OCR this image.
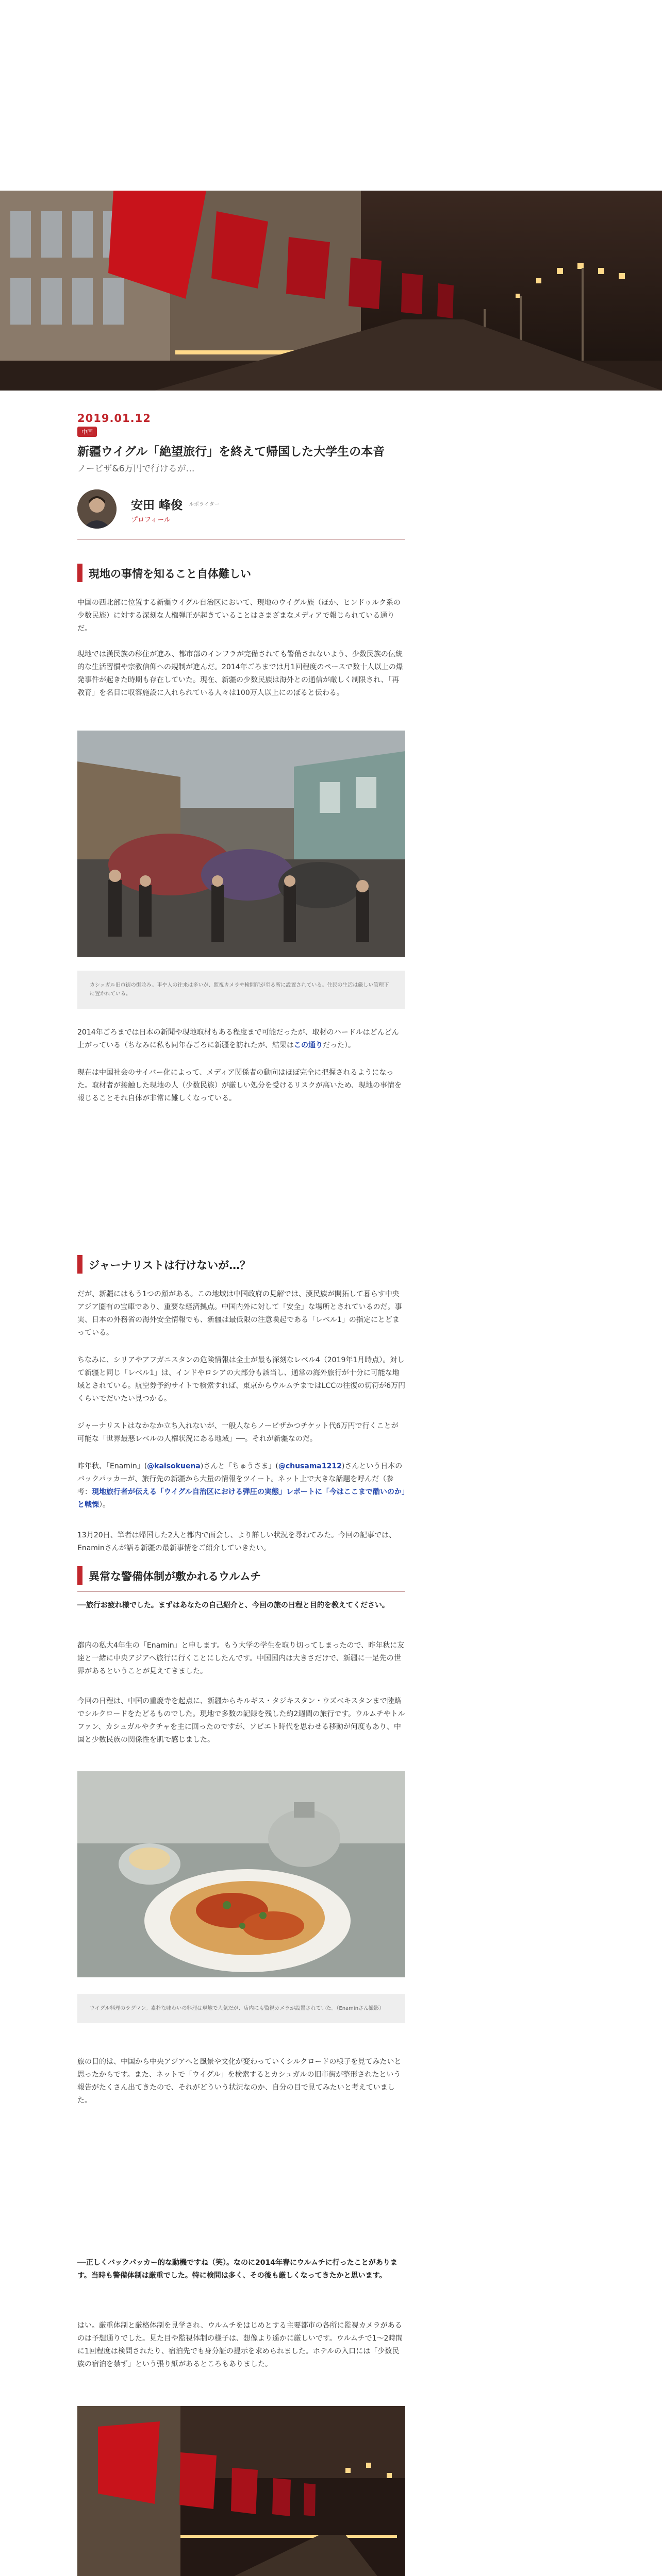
2019.01.12
中国
新疆ウイグル「絶望旅行」を終えて帰国した大学生の本音
ノービザ&6万円で行けるが…
安田 峰俊 ルポライター
プロフィール
現地の事情を知ること自体難しい

中国の西北部に位置する新疆ウイグル自治区において、現地のウイグル族（ほか、ヒンドゥルク系の少数民族）に対する深刻な人権弾圧が起きていることはさまざまなメディアで報じられている通りだ。

現地では漢民族の移住が進み、都市部のインフラが完備されても警備されないよう、少数民族の伝統的な生活習慣や宗教信仰への規制が進んだ。2014年ごろまでは月1回程度のペースで数十人以上の爆発事件が起きた時期も存在していた。現在、新疆の少数民族は海外との通信が厳しく制限され、「再教育」を名目に収容施設に入れられている人々は100万人以上にのぼると伝わる。

カシュガル旧市街の街並み。車や人の往来は多いが、監視カメラや検問所が至る所に設置されている。住民の生活は厳しい管理下に置かれている。

2014年ごろまでは日本の新聞や現地取材もある程度まで可能だったが、取材のハードルはどんどん上がっている（ちなみに私も同年春ごろに新疆を訪れたが、結果はこの通りだった）。

現在は中国社会のサイバー化によって、メディア関係者の動向はほぼ完全に把握されるようになった。取材者が接触した現地の人（少数民族）が厳しい処分を受けるリスクが高いため、現地の事情を報じることそれ自体が非常に難しくなっている。

ジャーナリストは行けないが…？

だが、新疆にはもう1つの顔がある。この地域は中国政府の見解では、漢民族が開拓して暮らす中央アジア圏有の宝庫であり、重要な経済拠点。中国内外に対して「安全」な場所とされているのだ。事実、日本の外務省の海外安全情報でも、新疆は最低限の注意喚起である「レベル1」の指定にとどまっている。

ちなみに、シリアやアフガニスタンの危険情報は全土が最も深刻なレベル4（2019年1月時点）。対して新疆と同じ「レベル1」は、インドやロシアの大部分も該当し、通常の海外旅行が十分に可能な地域とされている。航空券予約サイトで検索すれば、東京からウルムチまではLCCの往復の切符が6万円くらいでだいたい見つかる。

ジャーナリストはなかなか立ち入れないが、一般人ならノービザかつチケット代6万円で行くことが可能な「世界最悪レベルの人権状況にある地域」──。それが新疆なのだ。

昨年秋、「Enamin」(@kaisokuena)さんと「ちゅうさま」(@chusama1212)さんという日本のバックパッカーが、旅行先の新疆から大量の情報をツイート。ネット上で大きな話題を呼んだ（参考：現地旅行者が伝える「ウイグル自治区における弾圧の実態」レポートに「今はここまで酷いのか」と戦慄）。

13月20日、筆者は帰国した2人と都内で面会し、より詳しい状況を尋ねてみた。今回の記事では、Enaminさんが語る新疆の最新事情をご紹介していきたい。

異常な警備体制が敷かれるウルムチ

──旅行お疲れ様でした。まずはあなたの自己紹介と、今回の旅の日程と目的を教えてください。

都内の私大4年生の「Enamin」と申します。もう大学の学生を取り切ってしまったので、昨年秋に友達と一緒に中央アジアへ旅行に行くことにしたんです。中国国内は大きさだけで、新疆に一足先の世界があるということが見えてきました。

今回の日程は、中国の重慶寺を起点に、新疆からキルギス・タジキスタン・ウズベキスタンまで陸路でシルクロードをたどるものでした。現地で多数の記録を残した約2週間の旅行です。ウルムチやトルファン、カシュガルやクチャを主に回ったのですが、ソビエト時代を思わせる移動が何度もあり、中国と少数民族の関係性を肌で感じました。

ウイグル料理のラグマン。素朴な味わいの料理は現地で人気だが、店内にも監視カメラが設置されていた。（Enaminさん撮影）

旅の目的は、中国から中央アジアへと風景や文化が変わっていくシルクロードの様子を見てみたいと思ったからです。また、ネットで「ウイグル」を検索するとカシュガルの旧市街が整形されたという報告がたくさん出てきたので、それがどういう状況なのか、自分の目で見てみたいと考えていました。

──正しくバックパッカー的な動機ですね（笑）。なのに2014年春にウルムチに行ったことがあります。当時も警備体制は厳重でした。特に検問は多く、その後も厳しくなってきたかと思います。

はい。厳重体制と厳格体制を見学され、ウルムチをはじめとする主要都市の各所に監視カメラがあるのは予想通りでした。見た目や監視体制の様子は、想像より遥かに厳しいです。ウルムチで1〜2時間に1回程度は検問されたり、宿泊先でも身分証の提示を求められました。ホテルの入口には「少数民族の宿泊を禁ず」という張り紙があるところもありました。
